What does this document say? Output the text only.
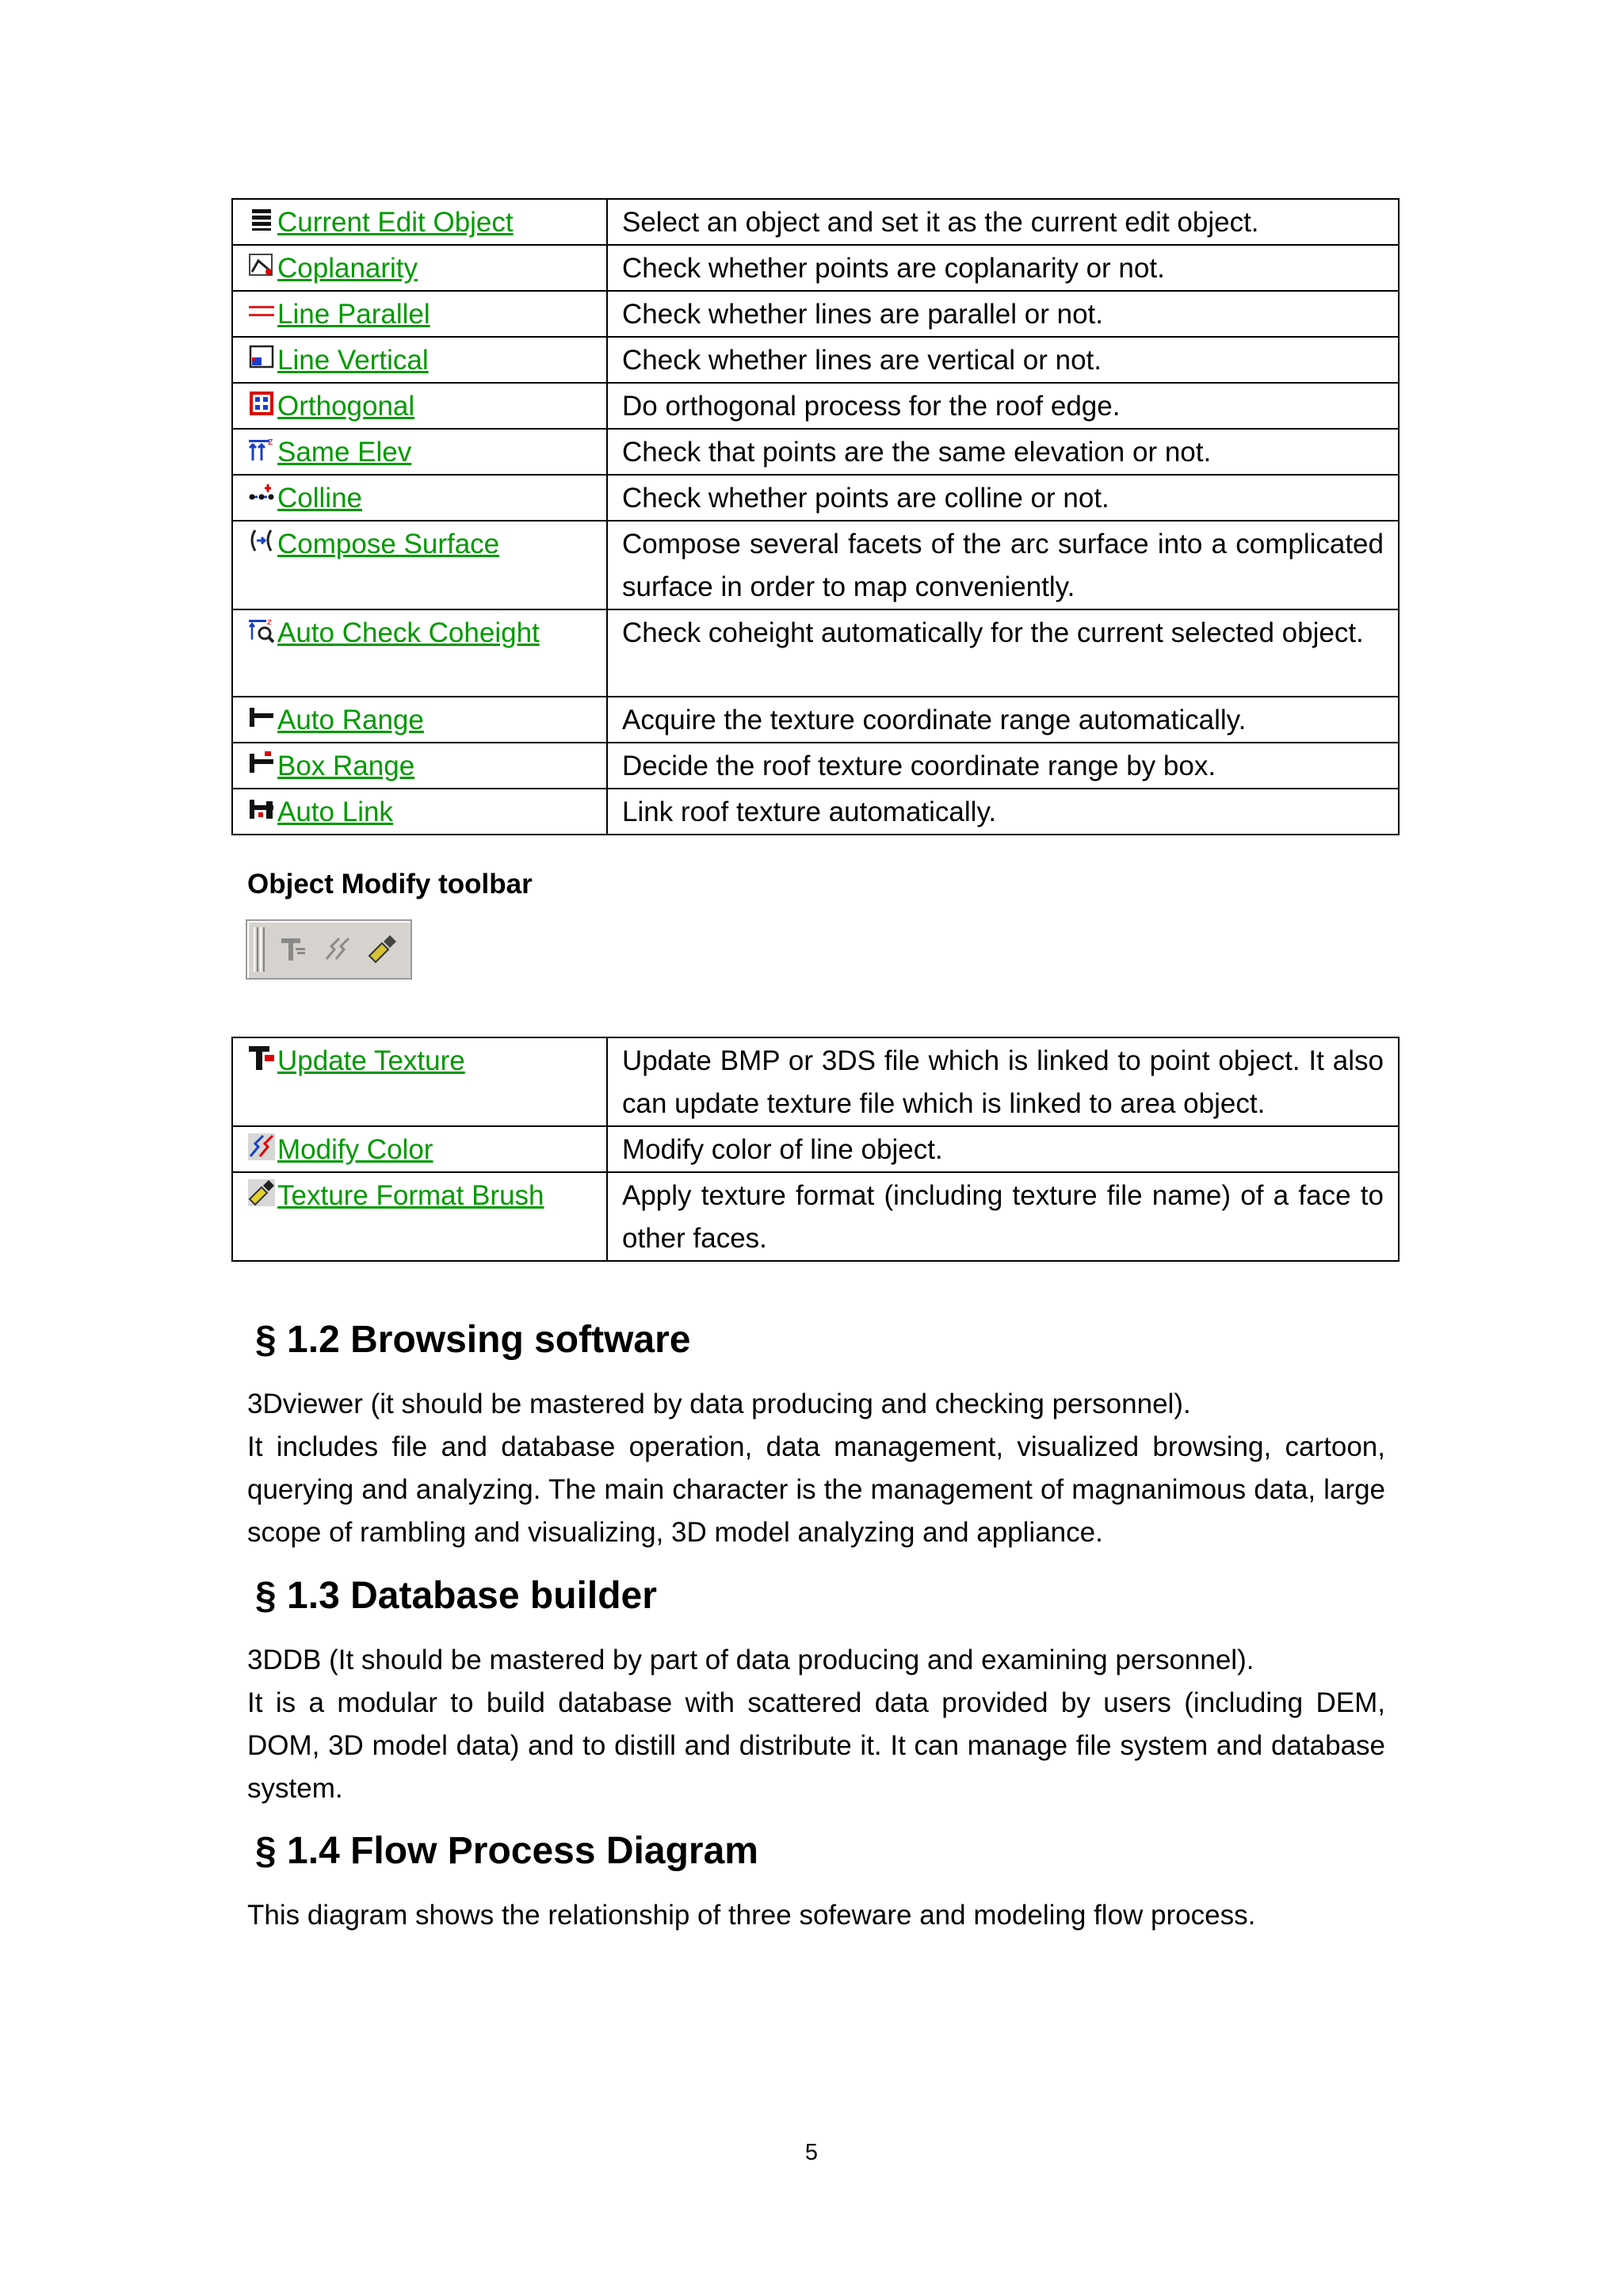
Current Edit Object	Select an object and set it as the current edit object.

Coplanarity	Check whether points are coplanarity or not.

Line Parallel	Check whether lines are parallel or not.

Line Vertical	Check whether lines are vertical or not.

Orthogonal	Do orthogonal process for the roof edge.

z Same Elev	Check that points are the same elevation or not.

Colline	Check whether points are colline or not.

Compose Surface	Compose several facets of the arc surface into a complicated surface in order to map conveniently.

z Auto Check Coheight	Check coheight automatically for the current selected object.

Auto Range	Acquire the texture coordinate range automatically.

Box Range	Decide the roof texture coordinate range by box.

Auto Link	Link roof texture automatically.
Object Modify toolbar
Update Texture	Update BMP or 3DS file which is linked to point object. It also can update texture file which is linked to area object.

Modify Color	Modify color of line object.

Texture Format Brush	Apply texture format (including texture file name) of a face to other faces.
§ 1.2 Browsing software

3Dviewer (it should be mastered by data producing and checking personnel).

It includes file and database operation, data management, visualized browsing, cartoon, querying and analyzing. The main character is the management of magnanimous data, large scope of rambling and visualizing, 3D model analyzing and appliance.

§ 1.3 Database builder

3DDB (It should be mastered by part of data producing and examining personnel).

It is a modular to build database with scattered data provided by users (including DEM, DOM, 3D model data) and to distill and distribute it. It can manage file system and database system.

§ 1.4 Flow Process Diagram

This diagram shows the relationship of three sofeware and modeling flow process.

5
